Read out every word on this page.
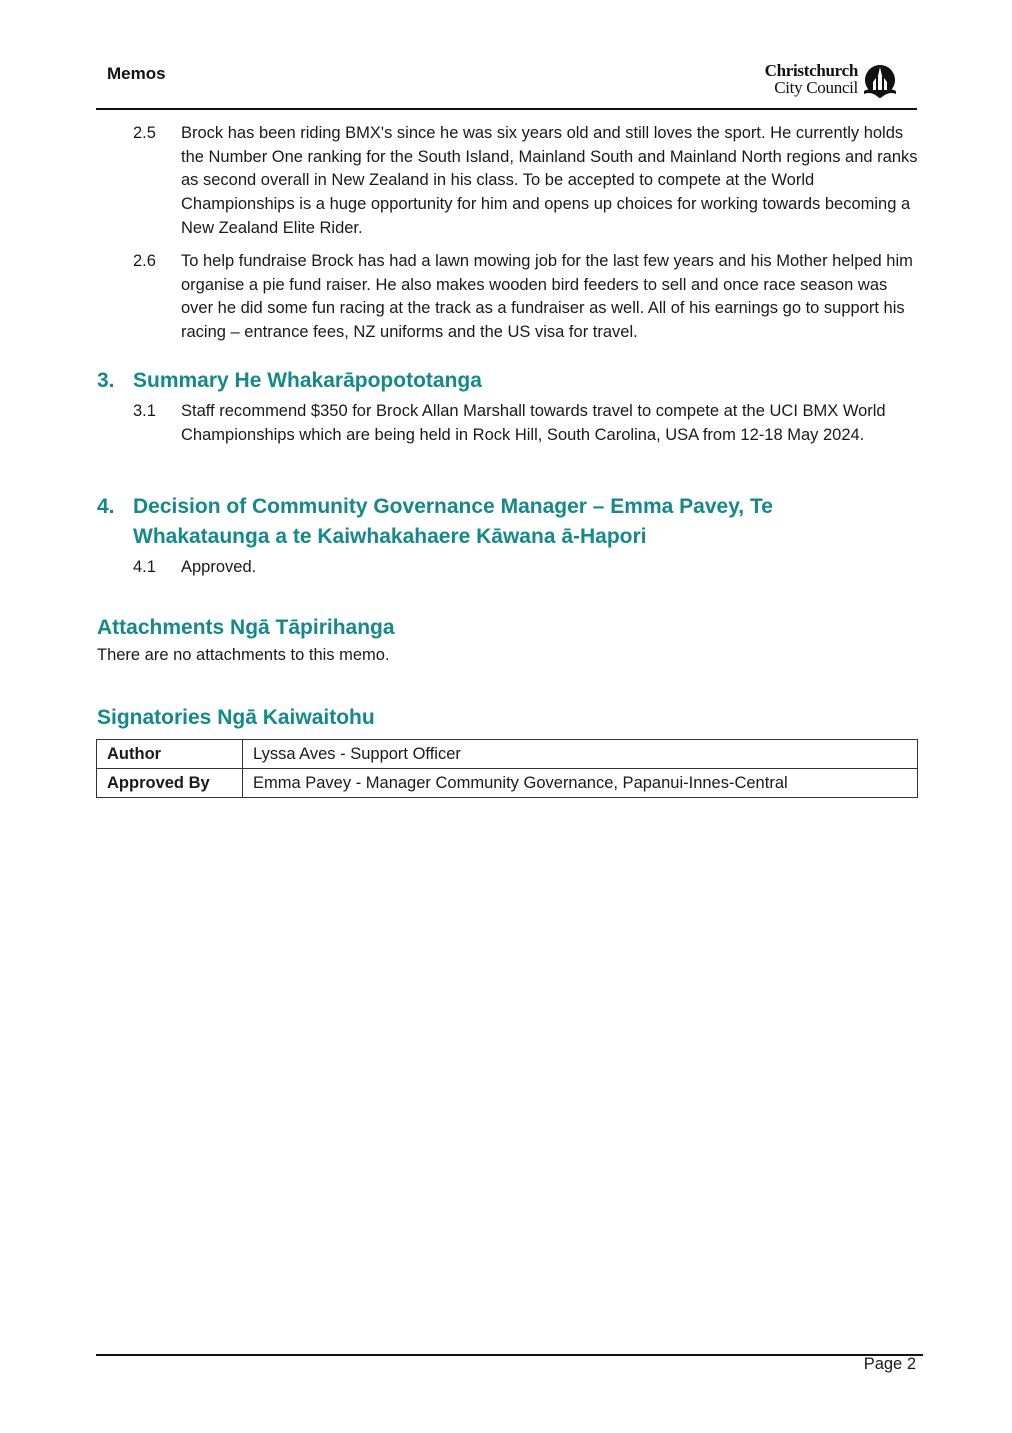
Memos	Christchurch
City Council
2.5	Brock has been riding BMX's since he was six years old and still loves the sport. He currently holds the Number One ranking for the South Island, Mainland South and Mainland North regions and ranks as second overall in New Zealand in his class. To be accepted to compete at the World Championships is a huge opportunity for him and opens up choices for working towards becoming a New Zealand Elite Rider.
2.6	To help fundraise Brock has had a lawn mowing job for the last few years and his Mother helped him organise a pie fund raiser. He also makes wooden bird feeders to sell and once race season was over he did some fun racing at the track as a fundraiser as well. All of his earnings go to support his racing – entrance fees, NZ uniforms and the US visa for travel.
3. Summary He Whakarāpopototanga
3.1	Staff recommend $350 for Brock Allan Marshall towards travel to compete at the UCI BMX World Championships which are being held in Rock Hill, South Carolina, USA from 12-18 May 2024.
4. Decision of Community Governance Manager – Emma Pavey, Te Whakataunga a te Kaiwhakahaere Kāwana ā-Hapori
4.1	Approved.
Attachments Ngā Tāpirihanga
There are no attachments to this memo.
Signatories Ngā Kaiwaitohu
Author	Lyssa Aves - Support Officer
Approved By	Emma Pavey - Manager Community Governance, Papanui-Innes-Central
Page 2
